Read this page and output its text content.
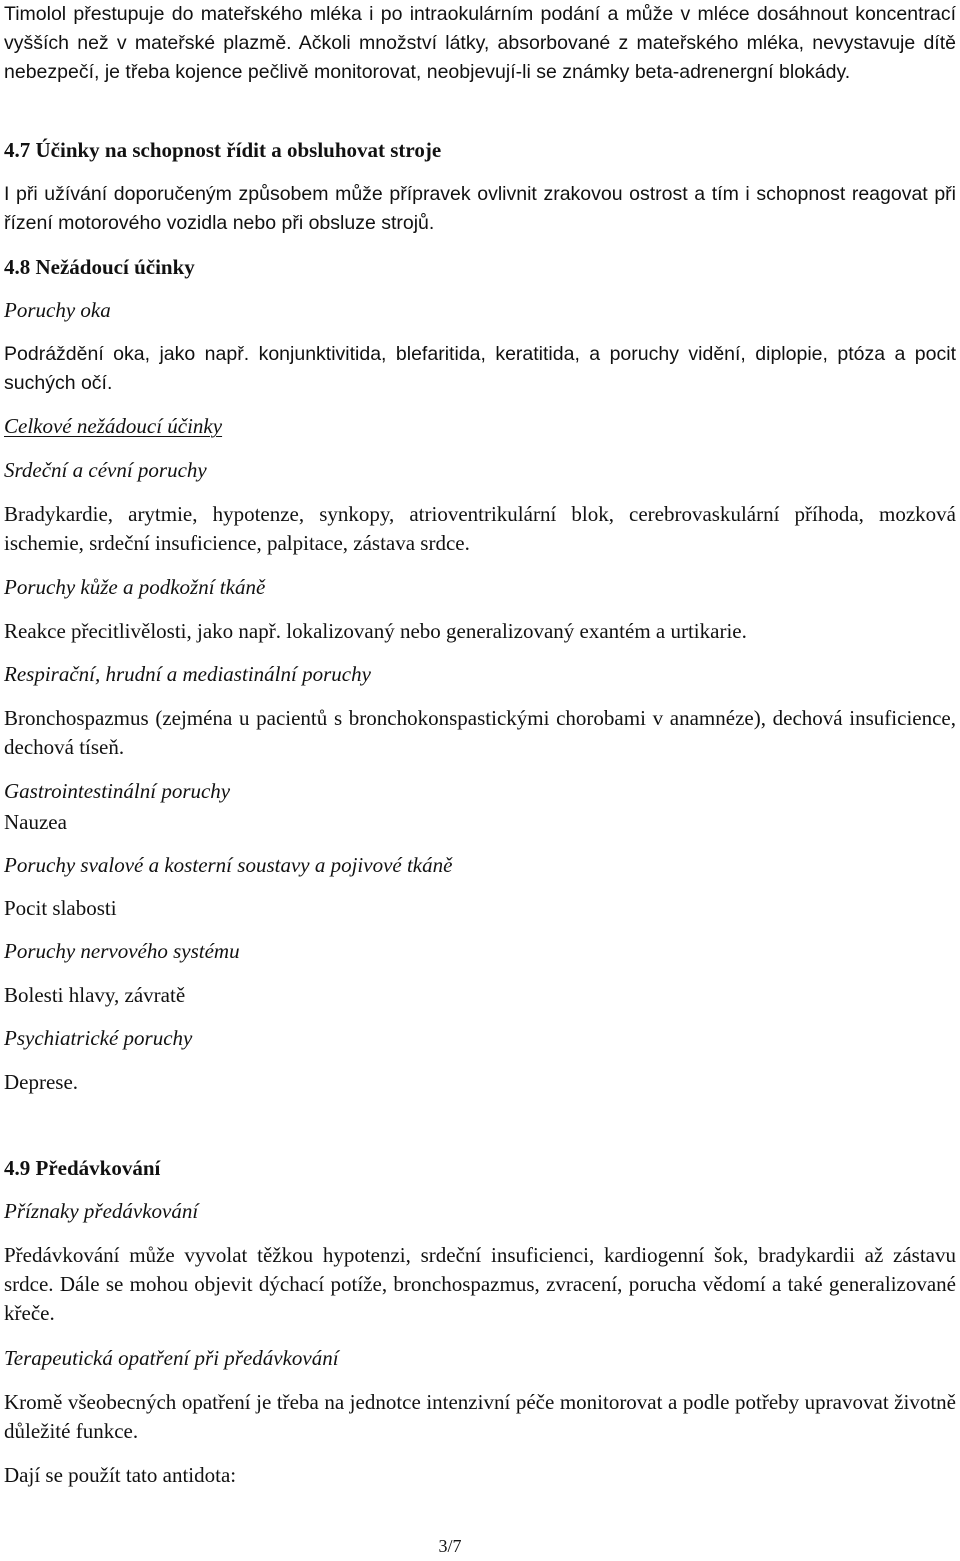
Timolol přestupuje do mateřského mléka i po intraokulárním podání a může v mléce dosáhnout koncentrací vyšších než v mateřské plazmě. Ačkoli množství látky, absorbované z mateřského mléka, nevystavuje dítě nebezpečí, je třeba kojence pečlivě monitorovat, neobjevují-li se známky beta-adrenergní blokády.

4.7 Účinky na schopnost řídit a obsluhovat stroje

I při užívání doporučeným způsobem může přípravek ovlivnit zrakovou ostrost a tím i schopnost reagovat při řízení motorového vozidla nebo při obsluze strojů.

4.8 Nežádoucí účinky

Poruchy oka

Podráždění oka, jako např. konjunktivitida, blefaritida, keratitida, a poruchy vidění, diplopie, ptóza a pocit suchých očí.

Celkové nežádoucí účinky

Srdeční a cévní poruchy

Bradykardie, arytmie, hypotenze, synkopy, atrioventrikulární blok, cerebrovaskulární příhoda, mozková ischemie, srdeční insuficience, palpitace, zástava srdce.

Poruchy kůže a podkožní tkáně

Reakce přecitlivělosti, jako např. lokalizovaný nebo generalizovaný exantém a urtikarie.

Respirační, hrudní a mediastinální poruchy

Bronchospazmus (zejména u pacientů s bronchokonspastickými chorobami v anamnéze), dechová insuficience, dechová tíseň.

Gastrointestinální poruchy

Nauzea

Poruchy svalové a kosterní soustavy a pojivové tkáně

Pocit slabosti

Poruchy nervového systému

Bolesti hlavy, závratě

Psychiatrické poruchy

Deprese.

4.9 Předávkování

Příznaky předávkování

Předávkování může vyvolat těžkou hypotenzi, srdeční insuficienci, kardiogenní šok, bradykardii až zástavu srdce. Dále se mohou objevit dýchací potíže, bronchospazmus, zvracení, porucha vědomí a také generalizované křeče.

Terapeutická opatření při předávkování

Kromě všeobecných opatření je třeba na jednotce intenzivní péče monitorovat a podle potřeby upravovat životně důležité funkce.

Dají se použít tato antidota:

3/7
